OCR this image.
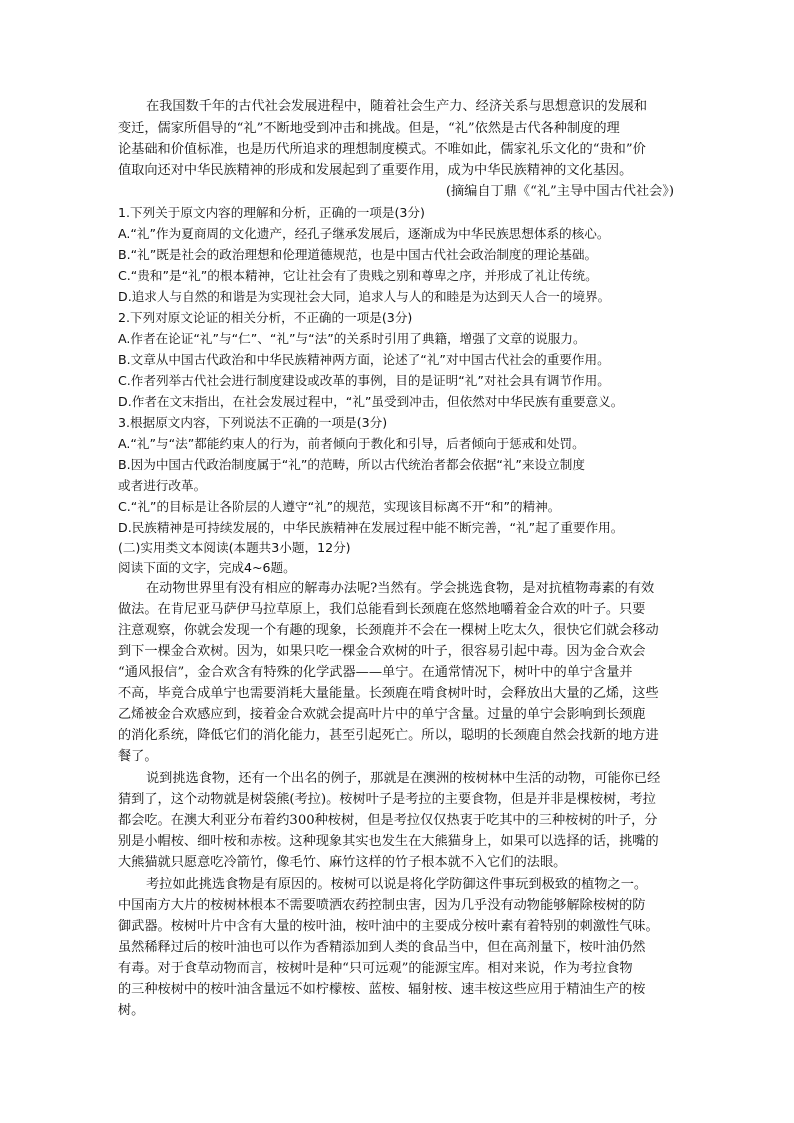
在我国数千年的古代社会发展进程中，随着社会生产力、经济关系与思想意识的发展和
变迁，儒家所倡导的“礼”不断地受到冲击和挑战。但是，“礼”依然是古代各种制度的理
论基础和价值标准，也是历代所追求的理想制度模式。不唯如此，儒家礼乐文化的“贵和”价
值取向还对中华民族精神的形成和发展起到了重要作用，成为中华民族精神的文化基因。
(摘编自丁鼎《“礼”主导中国古代社会》)
1.下列关于原文内容的理解和分析，正确的一项是(3分)
A.“礼”作为夏商周的文化遗产，经孔子继承发展后，逐渐成为中华民族思想体系的核心。
B.“礼”既是社会的政治理想和伦理道德规范，也是中国古代社会政治制度的理论基础。
C.“贵和”是“礼”的根本精神，它让社会有了贵贱之别和尊卑之序，并形成了礼让传统。
D.追求人与自然的和谐是为实现社会大同，追求人与人的和睦是为达到天人合一的境界。
2.下列对原文论证的相关分析，不正确的一项是(3分)
A.作者在论证“礼”与“仁”、“礼”与“法”的关系时引用了典籍，增强了文章的说服力。
B.文章从中国古代政治和中华民族精神两方面，论述了“礼”对中国古代社会的重要作用。
C.作者列举古代社会进行制度建设或改革的事例，目的是证明“礼”对社会具有调节作用。
D.作者在文末指出，在社会发展过程中，“礼”虽受到冲击，但依然对中华民族有重要意义。
3.根据原文内容，下列说法不正确的一项是(3分)
A.“礼”与“法”都能约束人的行为，前者倾向于教化和引导，后者倾向于惩戒和处罚。
B.因为中国古代政治制度属于“礼”的范畴，所以古代统治者都会依据“礼”来设立制度
或者进行改革。
C.“礼”的目标是让各阶层的人遵守“礼”的规范，实现该目标离不开“和”的精神。
D.民族精神是可持续发展的，中华民族精神在发展过程中能不断完善，“礼”起了重要作用。
(二)实用类文本阅读(本题共3小题，12分)
阅读下面的文字，完成4~6题。
在动物世界里有没有相应的解毒办法呢?当然有。学会挑选食物，是对抗植物毒素的有效
做法。在肯尼亚马萨伊马拉草原上，我们总能看到长颈鹿在悠然地嚼着金合欢的叶子。只要
注意观察，你就会发现一个有趣的现象，长颈鹿并不会在一棵树上吃太久，很快它们就会移动
到下一棵金合欢树。因为，如果只吃一棵金合欢树的叶子，很容易引起中毒。因为金合欢会
“通风报信”，金合欢含有特殊的化学武器——单宁。在通常情况下，树叶中的单宁含量并
不高，毕竟合成单宁也需要消耗大量能量。长颈鹿在啃食树叶时，会释放出大量的乙烯，这些
乙烯被金合欢感应到，接着金合欢就会提高叶片中的单宁含量。过量的单宁会影响到长颈鹿
的消化系统，降低它们的消化能力，甚至引起死亡。所以，聪明的长颈鹿自然会找新的地方进
餐了。
说到挑选食物，还有一个出名的例子，那就是在澳洲的桉树林中生活的动物，可能你已经
猜到了，这个动物就是树袋熊(考拉)。桉树叶子是考拉的主要食物，但是并非是棵桉树，考拉
都会吃。在澳大利亚分布着约300种桉树，但是考拉仅仅热衷于吃其中的三种桉树的叶子，分
别是小帽桉、细叶桉和赤桉。这种现象其实也发生在大熊猫身上，如果可以选择的话，挑嘴的
大熊猫就只愿意吃冷箭竹，像毛竹、麻竹这样的竹子根本就不入它们的法眼。
考拉如此挑选食物是有原因的。桉树可以说是将化学防御这件事玩到极致的植物之一。
中国南方大片的桉树林根本不需要喷洒农药控制虫害，因为几乎没有动物能够解除桉树的防
御武器。桉树叶片中含有大量的桉叶油，桉叶油中的主要成分桉叶素有着特别的刺激性气味。
虽然稀释过后的桉叶油也可以作为香精添加到人类的食品当中，但在高剂量下，桉叶油仍然
有毒。对于食草动物而言，桉树叶是种“只可远观”的能源宝库。相对来说，作为考拉食物
的三种桉树中的桉叶油含量远不如柠檬桉、蓝桉、辐射桉、速丰桉这些应用于精油生产的桉
树。
